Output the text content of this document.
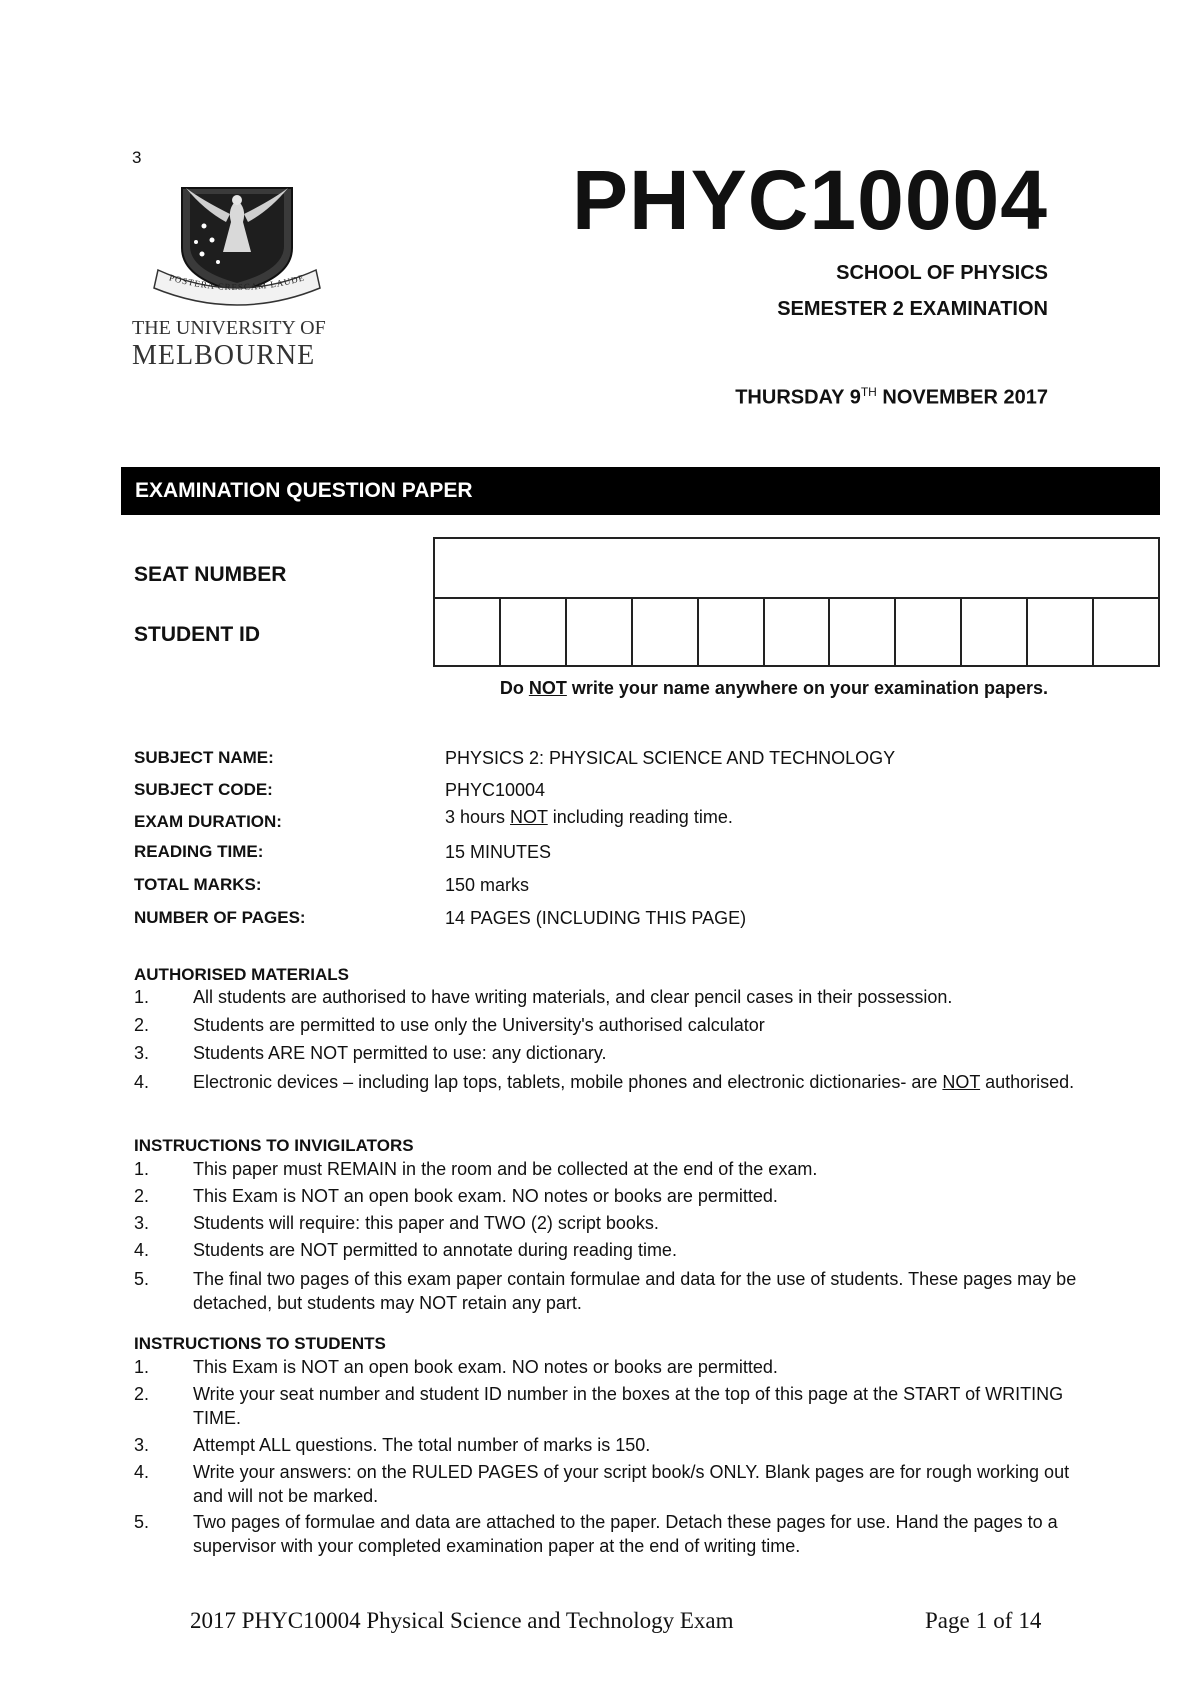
3
POSTERA CRESCAM LAUDE
THE UNIVERSITY OF
MELBOURNE
PHYC10004
SCHOOL OF PHYSICS
SEMESTER 2 EXAMINATION
THURSDAY 9TH NOVEMBER 2017
EXAMINATION QUESTION PAPER
SEAT NUMBER
STUDENT ID
Do NOT write your name anywhere on your examination papers.
SUBJECT NAME:	PHYSICS 2: PHYSICAL SCIENCE AND TECHNOLOGY
SUBJECT CODE:	PHYC10004
EXAM DURATION:	3 hours NOT including reading time.
READING TIME:	15 MINUTES
TOTAL MARKS:	150 marks
NUMBER OF PAGES:	14 PAGES (INCLUDING THIS PAGE)
AUTHORISED MATERIALS
1.	All students are authorised to have writing materials, and clear pencil cases in their possession.
2.	Students are permitted to use only the University's authorised calculator
3.	Students ARE NOT permitted to use: any dictionary.
4.	Electronic devices – including lap tops, tablets, mobile phones and electronic dictionaries- are NOT authorised.
INSTRUCTIONS TO INVIGILATORS
1.	This paper must REMAIN in the room and be collected at the end of the exam.
2.	This Exam is NOT an open book exam. NO notes or books are permitted.
3.	Students will require: this paper and TWO (2) script books.
4.	Students are NOT permitted to annotate during reading time.
5.	The final two pages of this exam paper contain formulae and data for the use of students. These pages may be detached, but students may NOT retain any part.
INSTRUCTIONS TO STUDENTS
1.	This Exam is NOT an open book exam. NO notes or books are permitted.
2.	Write your seat number and student ID number in the boxes at the top of this page at the START of WRITING TIME.
3.	Attempt ALL questions. The total number of marks is 150.
4.	Write your answers: on the RULED PAGES of your script book/s ONLY. Blank pages are for rough working out and will not be marked.
5.	Two pages of formulae and data are attached to the paper. Detach these pages for use. Hand the pages to a supervisor with your completed examination paper at the end of writing time.
2017 PHYC10004 Physical Science and Technology Exam	Page 1 of 14
